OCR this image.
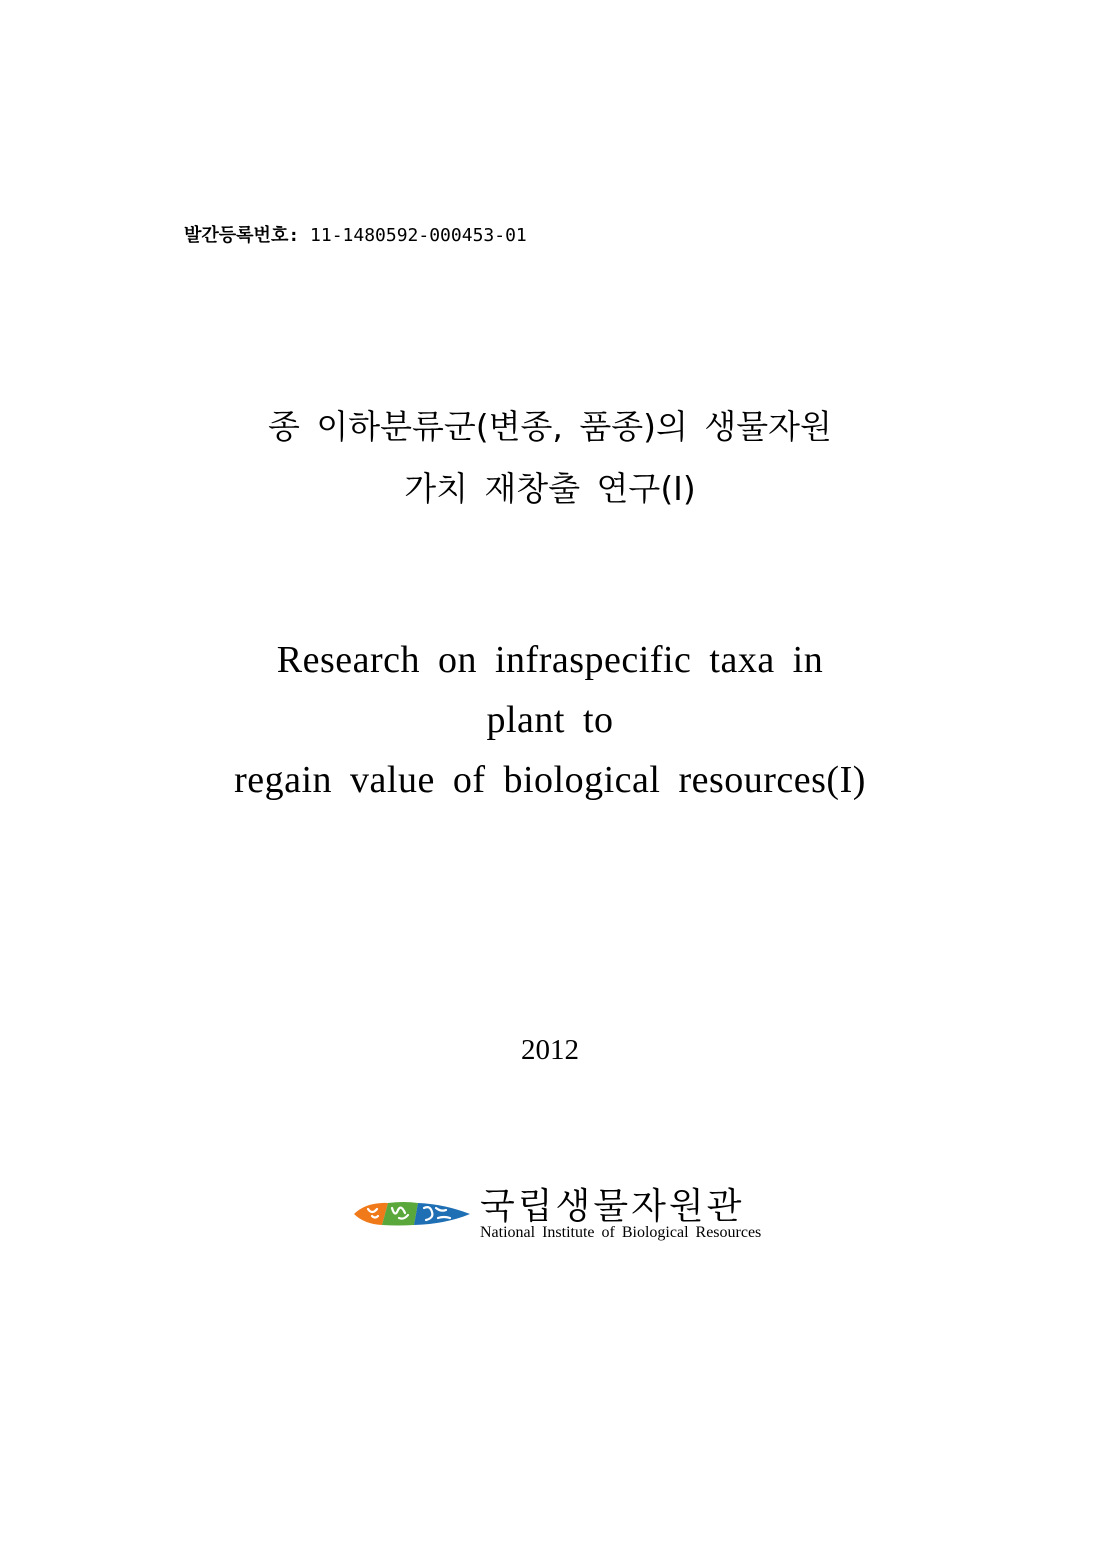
발간등록번호: 11-1480592-000453-01
종 이하분류군(변종, 품종)의 생물자원
가치 재창출 연구(I)
Research on infraspecific taxa in
plant to
regain value of biological resources(I)
2012
국립생물자원관
National Institute of Biological Resources
